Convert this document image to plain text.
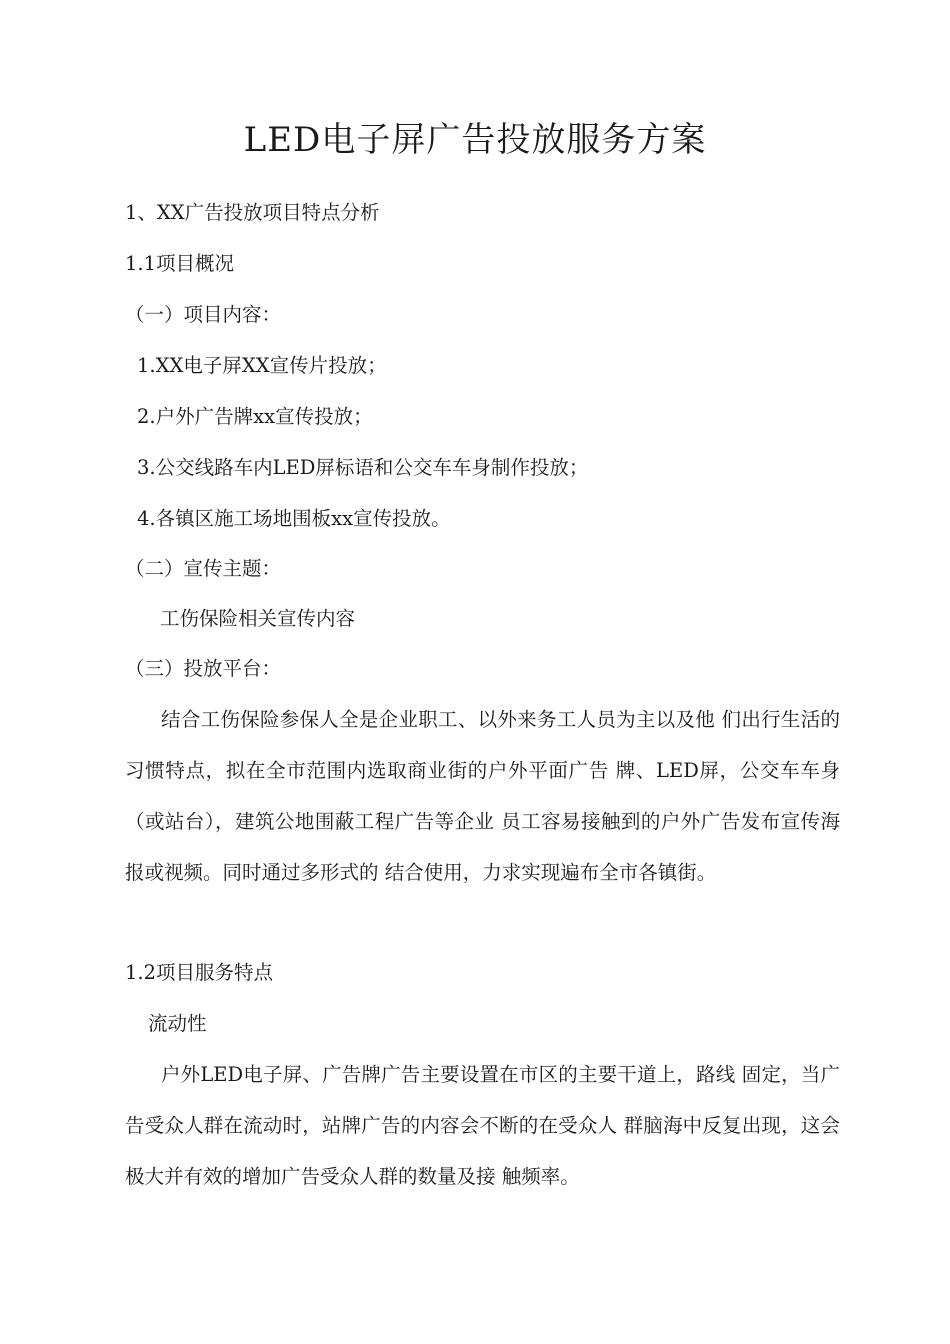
LED电子屏广告投放服务方案
1、XX广告投放项目特点分析
1.1项目概况
（一）项目内容：
1.XX电子屏XX宣传片投放；
2.户外广告牌xx宣传投放；
3.公交线路车内LED屏标语和公交车车身制作投放；
4.各镇区施工场地围板xx宣传投放。
（二）宣传主题：
工伤保险相关宣传内容
（三）投放平台：
结合工伤保险参保人全是企业职工、以外来务工人员为主以及他 们出行生活的习惯特点，拟在全市范围内选取商业街的户外平面广告 牌、LED屏，公交车车身（或站台），建筑公地围蔽工程广告等企业 员工容易接触到的户外广告发布宣传海报或视频。同时通过多形式的 结合使用，力求实现遍布全市各镇街。
1.2项目服务特点
流动性
户外LED电子屏、广告牌广告主要设置在市区的主要干道上，路线 固定，当广告受众人群在流动时，站牌广告的内容会不断的在受众人 群脑海中反复出现，这会极大并有效的增加广告受众人群的数量及接 触频率。
